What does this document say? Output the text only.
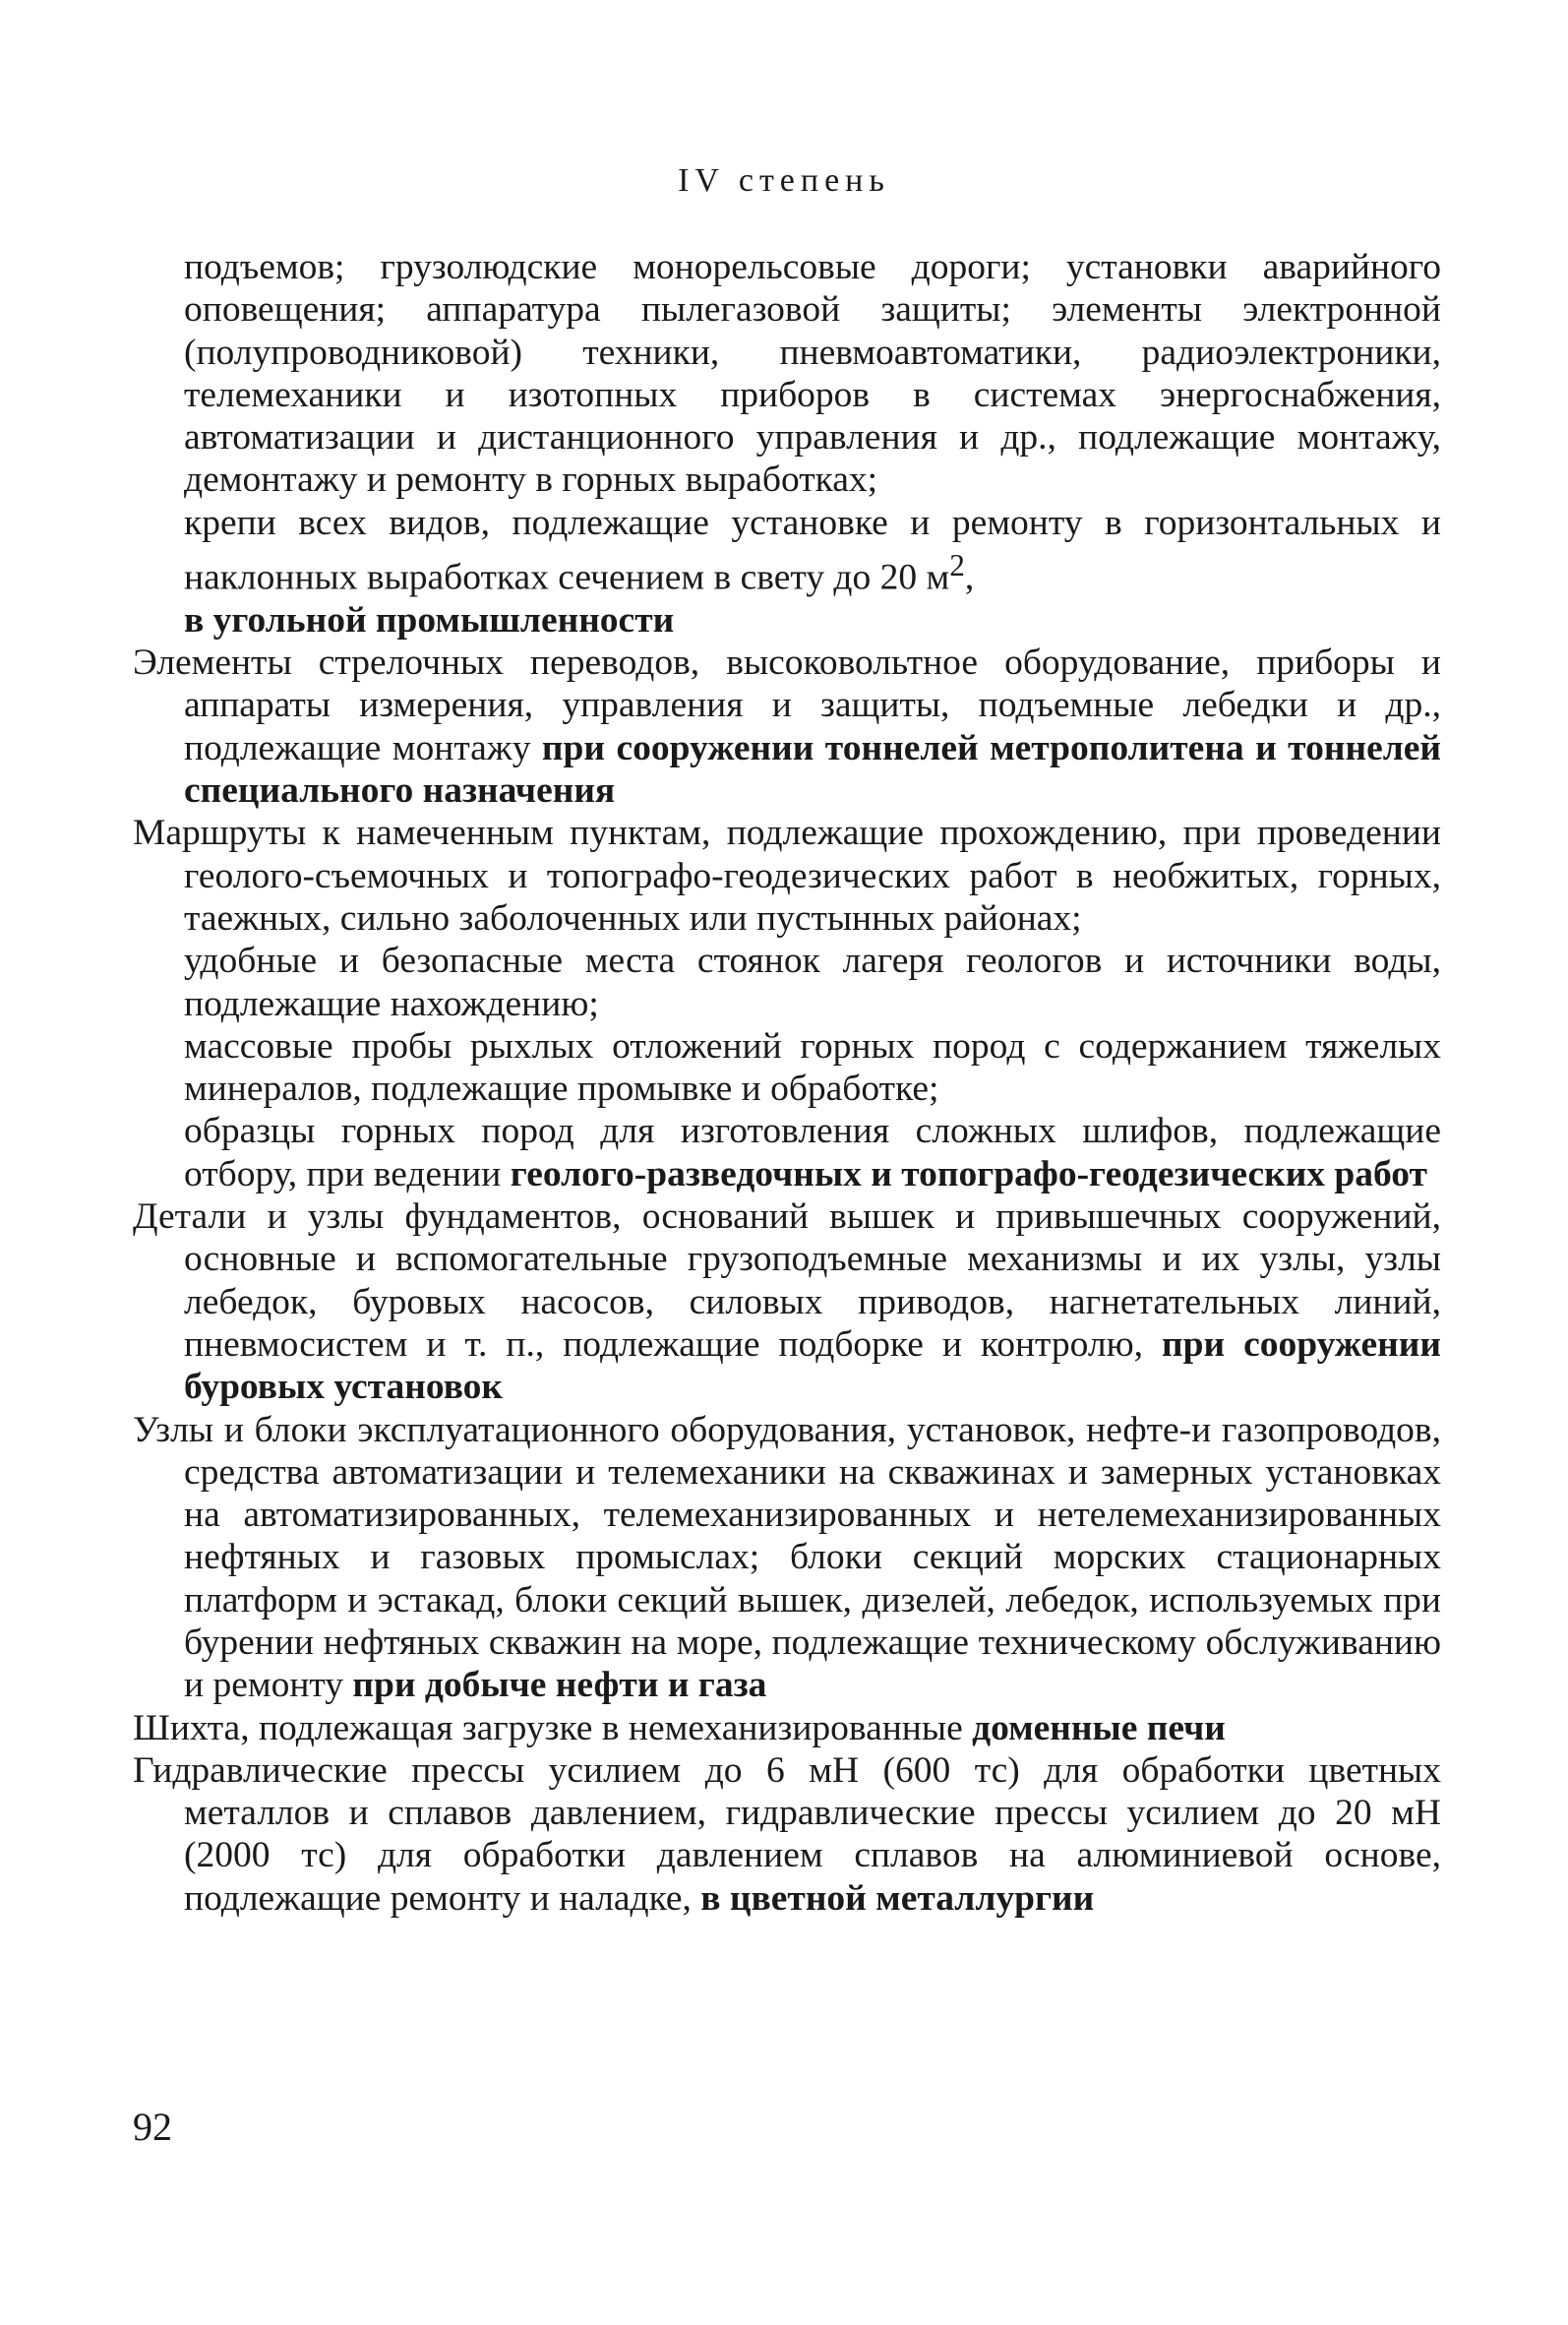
IV степень

подъемов; грузолюдские монорельсовые дороги; установки аварийного оповещения; аппаратура пылегазовой защиты; элементы электронной (полупроводниковой) техники, пневмоавтоматики, радиоэлектроники, телемеханики и изотопных приборов в системах энергоснабжения, автоматизации и дистанционного управления и др., подлежащие монтажу, демонтажу и ремонту в горных выработках;

крепи всех видов, подлежащие установке и ремонту в горизонтальных и наклонных выработках сечением в свету до 20 $м^2$,
в угольной промышленности

Элементы стрелочных переводов, высоковольтное оборудование, приборы и аппараты измерения, управления и защиты, подъемные лебедки и др., подлежащие монтажу при сооружении тоннелей метрополитена и тоннелей специального назначения

Маршруты к намеченным пунктам, подлежащие прохождению, при проведении геолого-съемочных и топографо-геодезических работ в необжитых, горных, таежных, сильно заболоченных или пустынных районах;

удобные и безопасные места стоянок лагеря геологов и источники воды, подлежащие нахождению;

массовые пробы рыхлых отложений горных пород с содержанием тяжелых минералов, подлежащие промывке и обработке;

образцы горных пород для изготовления сложных шлифов, подлежащие отбору, при ведении геолого-разведочных и топографо-геодезических работ

Детали и узлы фундаментов, оснований вышек и привышечных сооружений, основные и вспомогательные грузоподъемные механизмы и их узлы, узлы лебедок, буровых насосов, силовых приводов, нагнетательных линий, пневмосистем и т. п., подлежащие подборке и контролю, при сооружении буровых установок

Узлы и блоки эксплуатационного оборудования, установок, нефте-и газопроводов, средства автоматизации и телемеханики на скважинах и замерных установках на автоматизированных, телемеханизированных и нетелемеханизированных нефтяных и газовых промыслах; блоки секций морских стационарных платформ и эстакад, блоки секций вышек, дизелей, лебедок, используемых при бурении нефтяных скважин на море, подлежащие техническому обслуживанию и ремонту при добыче нефти и газа

Шихта, подлежащая загрузке в немеханизированные доменные печи

Гидравлические прессы усилием до 6 мН (600 тс) для обработки цветных металлов и сплавов давлением, гидравлические прессы усилием до 20 мН (2000 тс) для обработки давлением сплавов на алюминиевой основе, подлежащие ремонту и наладке, в цветной металлургии

92
